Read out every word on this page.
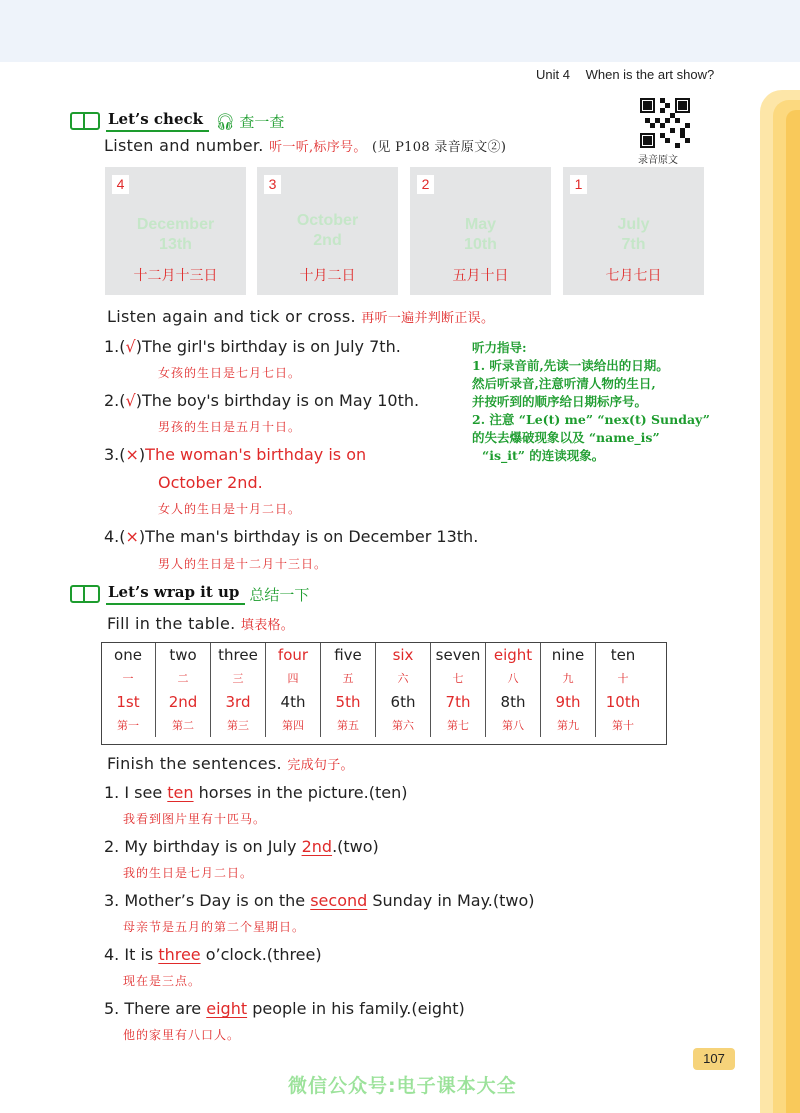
Unit 4 When is the art show?
录音原文
Let’s check 🎧︎ 查一查
Listen and number. 听一听,标序号。 (见 P108 录音原文②)
4
December
13th
十二月十三日
3
October
2nd
十月二日
2
May
10th
五月十日
1
July
7th
七月七日
Listen again and tick or cross. 再听一遍并判断正误。
1.(√)The girl's birthday is on July 7th.
女孩的生日是七月七日。
2.(√)The boy's birthday is on May 10th.
男孩的生日是五月十日。
3.(×)The woman's birthday is on
October 2nd.
女人的生日是十月二日。
4.(×)The man's birthday is on December 13th.
男人的生日是十二月十三日。
听力指导:
1. 听录音前,先读一读给出的日期。
然后听录音,注意听清人物的生日,
并按听到的顺序给日期标序号。
2. 注意 “Le(t) me” “nex(t) Sunday”
的失去爆破现象以及 “name_is”
“is_it” 的连读现象。
Let’s wrap it up 总结一下
Fill in the table. 填表格。
one	two	three	four	five	six	seven	eight	nine	ten
一	二	三	四	五	六	七	八	九	十
1st	2nd	3rd	4th	5th	6th	7th	8th	9th	10th
第一	第二	第三	第四	第五	第六	第七	第八	第九	第十
Finish the sentences. 完成句子。
1. I see ten horses in the picture.(ten)
我看到图片里有十匹马。
2. My birthday is on July 2nd.(two)
我的生日是七月二日。
3. Mother’s Day is on the second Sunday in May.(two)
母亲节是五月的第二个星期日。
4. It is three o’clock.(three)
现在是三点。
5. There are eight people in his family.(eight)
他的家里有八口人。
107
微信公众号:电子课本大全
